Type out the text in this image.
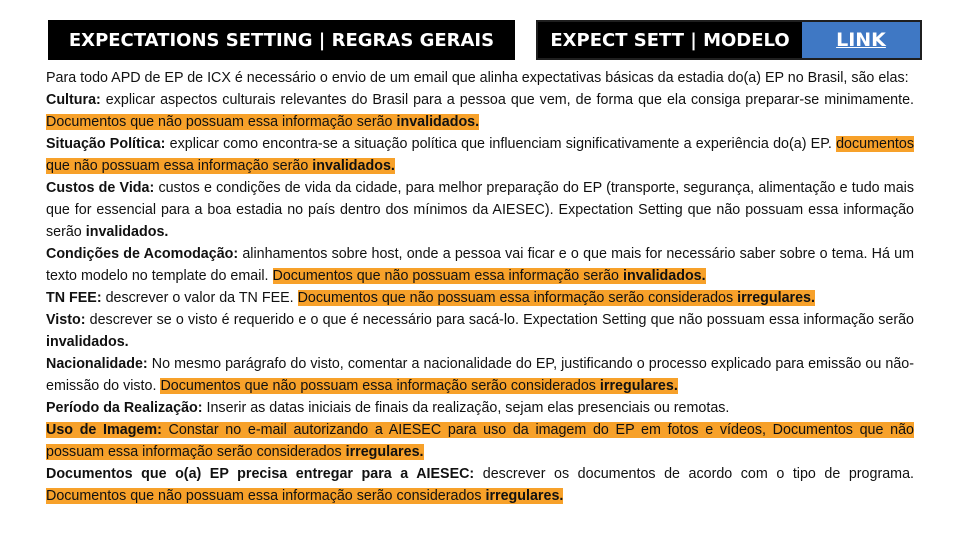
EXPECTATIONS SETTING | REGRAS GERAIS	EXPECT SETT | MODELO LINK

Para todo APD de EP de ICX é necessário o envio de um email que alinha expectativas básicas da estadia do(a) EP no Brasil, são elas:

Cultura: explicar aspectos culturais relevantes do Brasil para a pessoa que vem, de forma que ela consiga preparar-se minimamente. Documentos que não possuam essa informação serão invalidados.

Situação Política: explicar como encontra-se a situação política que influenciam significativamente a experiência do(a) EP. documentos que não possuam essa informação serão invalidados.

Custos de Vida: custos e condições de vida da cidade, para melhor preparação do EP (transporte, segurança, alimentação e tudo mais que for essencial para a boa estadia no país dentro dos mínimos da AIESEC). Expectation Setting que não possuam essa informação serão invalidados.

Condições de Acomodação: alinhamentos sobre host, onde a pessoa vai ficar e o que mais for necessário saber sobre o tema. Há um texto modelo no template do email. Documentos que não possuam essa informação serão invalidados.

TN FEE: descrever o valor da TN FEE. Documentos que não possuam essa informação serão considerados irregulares.

Visto: descrever se o visto é requerido e o que é necessário para sacá-lo. Expectation Setting que não possuam essa informação serão invalidados.

Nacionalidade: No mesmo parágrafo do visto, comentar a nacionalidade do EP, justificando o processo explicado para emissão ou não-emissão do visto. Documentos que não possuam essa informação serão considerados irregulares.

Período da Realização: Inserir as datas iniciais de finais da realização, sejam elas presenciais ou remotas.

Uso de Imagem: Constar no e-mail autorizando a AIESEC para uso da imagem do EP em fotos e vídeos, Documentos que não possuam essa informação serão considerados irregulares.

Documentos que o(a) EP precisa entregar para a AIESEC: descrever os documentos de acordo com o tipo de programa. Documentos que não possuam essa informação serão considerados irregulares.
